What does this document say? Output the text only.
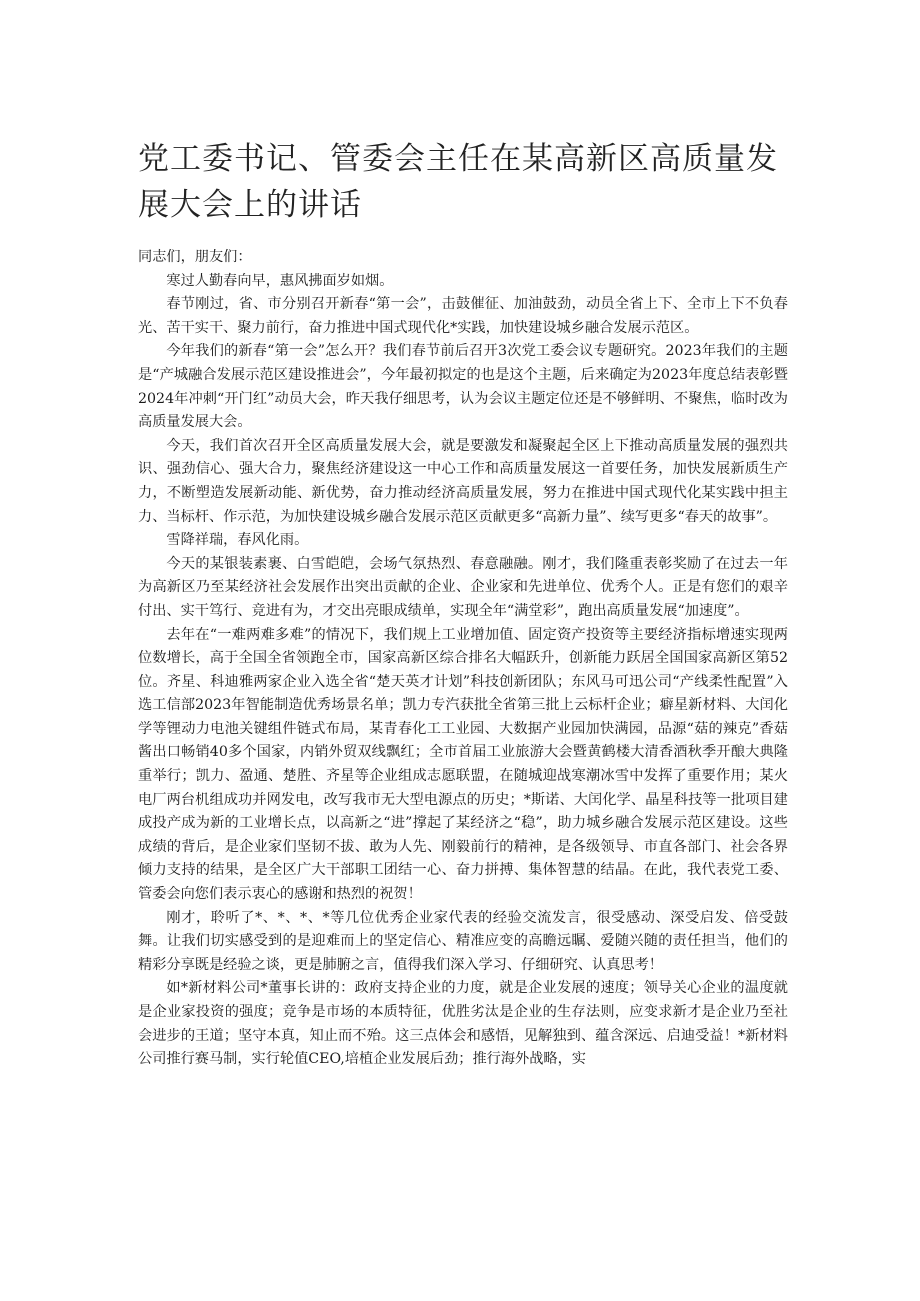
党工委书记、管委会主任在某高新区高质量发展大会上的讲话

同志们，朋友们：

寒过人勤春向早，惠风拂面岁如烟。

春节刚过，省、市分别召开新春“第一会”，击鼓催征、加油鼓劲，动员全省上下、全市上下不负春光、苦干实干、聚力前行，奋力推进中国式现代化*实践，加快建设城乡融合发展示范区。

今年我们的新春“第一会”怎么开？我们春节前后召开3次党工委会议专题研究。2023年我们的主题是“产城融合发展示范区建设推进会”，今年最初拟定的也是这个主题，后来确定为2023年度总结表彰暨2024年冲刺“开门红”动员大会，昨天我仔细思考，认为会议主题定位还是不够鲜明、不聚焦，临时改为高质量发展大会。

今天，我们首次召开全区高质量发展大会，就是要激发和凝聚起全区上下推动高质量发展的强烈共识、强劲信心、强大合力，聚焦经济建设这一中心工作和高质量发展这一首要任务，加快发展新质生产力，不断塑造发展新动能、新优势，奋力推动经济高质量发展，努力在推进中国式现代化某实践中担主力、当标杆、作示范，为加快建设城乡融合发展示范区贡献更多“高新力量”、续写更多“春天的故事”。

雪降祥瑞，春风化雨。

今天的某银装素裹、白雪皑皑，会场气氛热烈、春意融融。刚才，我们隆重表彰奖励了在过去一年为高新区乃至某经济社会发展作出突出贡献的企业、企业家和先进单位、优秀个人。正是有您们的艰辛付出、实干笃行、竞进有为，才交出亮眼成绩单，实现全年“满堂彩”，跑出高质量发展“加速度”。

去年在“一难两难多难”的情况下，我们规上工业增加值、固定资产投资等主要经济指标增速实现两位数增长，高于全国全省领跑全市，国家高新区综合排名大幅跃升，创新能力跃居全国国家高新区第52位。齐星、科迪雅两家企业入选全省“楚天英才计划”科技创新团队；东风马可迅公司“产线柔性配置”入选工信部2023年智能制造优秀场景名单；凯力专汽获批全省第三批上云标杆企业；癖星新材料、大闰化学等锂动力电池关键组件链式布局，某青春化工工业园、大数据产业园加快满园，品源“菇的辣克”香菇酱出口畅销40多个国家，内销外贸双线飘红；全市首届工业旅游大会暨黄鹤楼大清香酒秋季开酿大典隆重举行；凯力、盈通、楚胜、齐星等企业组成志愿联盟，在随城迎战寒潮冰雪中发挥了重要作用；某火电厂两台机组成功并网发电，改写我市无大型电源点的历史；*斯诺、大闰化学、晶星科技等一批项目建成投产成为新的工业增长点，以高新之“进”撑起了某经济之“稳”，助力城乡融合发展示范区建设。这些成绩的背后，是企业家们坚韧不拔、敢为人先、刚毅前行的精神，是各级领导、市直各部门、社会各界倾力支持的结果，是全区广大干部职工团结一心、奋力拼搏、集体智慧的结晶。在此，我代表党工委、管委会向您们表示衷心的感谢和热烈的祝贺！

刚才，聆听了*、*、*、*等几位优秀企业家代表的经验交流发言，很受感动、深受启发、倍受鼓舞。让我们切实感受到的是迎难而上的坚定信心、精准应变的高瞻远瞩、爱随兴随的责任担当，他们的精彩分享既是经验之谈，更是肺腑之言，值得我们深入学习、仔细研究、认真思考！

如*新材料公司*董事长讲的：政府支持企业的力度，就是企业发展的速度；领导关心企业的温度就是企业家投资的强度；竞争是市场的本质特征，优胜劣汰是企业的生存法则，应变求新才是企业乃至社会进步的王道；坚守本真，知止而不殆。这三点体会和感悟，见解独到、蕴含深远、启迪受益！*新材料公司推行赛马制，实行轮值CEO,培植企业发展后劲；推行海外战略，实
